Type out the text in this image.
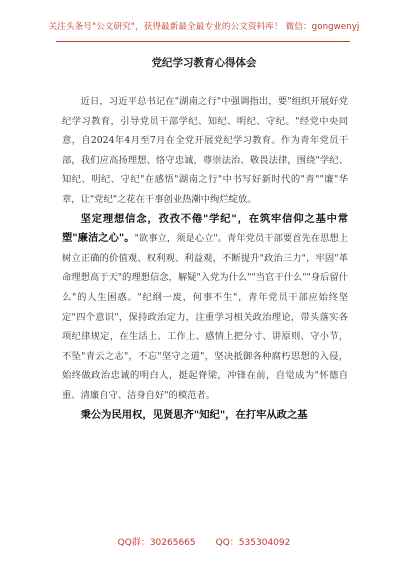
关注头条号"公文研究"，获得最新最全最专业的公文资料库！ 微信：gongwenyj
党纪学习教育心得体会

近日，习近平总书记在"湖南之行"中强调指出，要"组织开展好党纪学习教育，引导党员干部学纪、知纪、明纪、守纪。"经党中央同意，自2024年4月至7月在全党开展党纪学习教育。作为青年党员干部，我们应高扬理想、恪守忠诚，尊崇法治、敬畏法律，围绕"学纪、知纪、明纪、守纪"在感悟"湖南之行"中书写好新时代的"青""廉"华章，让"党纪"之花在干事创业热潮中绚烂绽放。

坚定理想信念，孜孜不倦"学纪"，在筑牢信仰之基中常塑"廉洁之心"。"欲事立，须是心立"。青年党员干部要首先在思想上树立正确的价值观、权利观、利益观，不断提升"政治三力"，牢固"革命理想高于天"的理想信念，解疑"入党为什么""当官干什么""身后留什么"的人生困惑。"纪纲一废，何事不生"，青年党员干部应始终坚定"四个意识"，保持政治定力，注重学习相关政治理论，带头落实各项纪律规定，在生活上、工作上、感情上把分寸、讲原则、守小节，不坠"青云之志"，不忘"坚守之道"，坚决抵御各种腐朽思想的入侵，始终做政治忠诚的明白人，挺起脊梁，冲锋在前，自觉成为"怀德自重、清廉自守、洁身自好"的模范者。

秉公为民用权，见贤思齐"知纪"，在打牢从政之基

QQ群：30265665 QQ：535304092
